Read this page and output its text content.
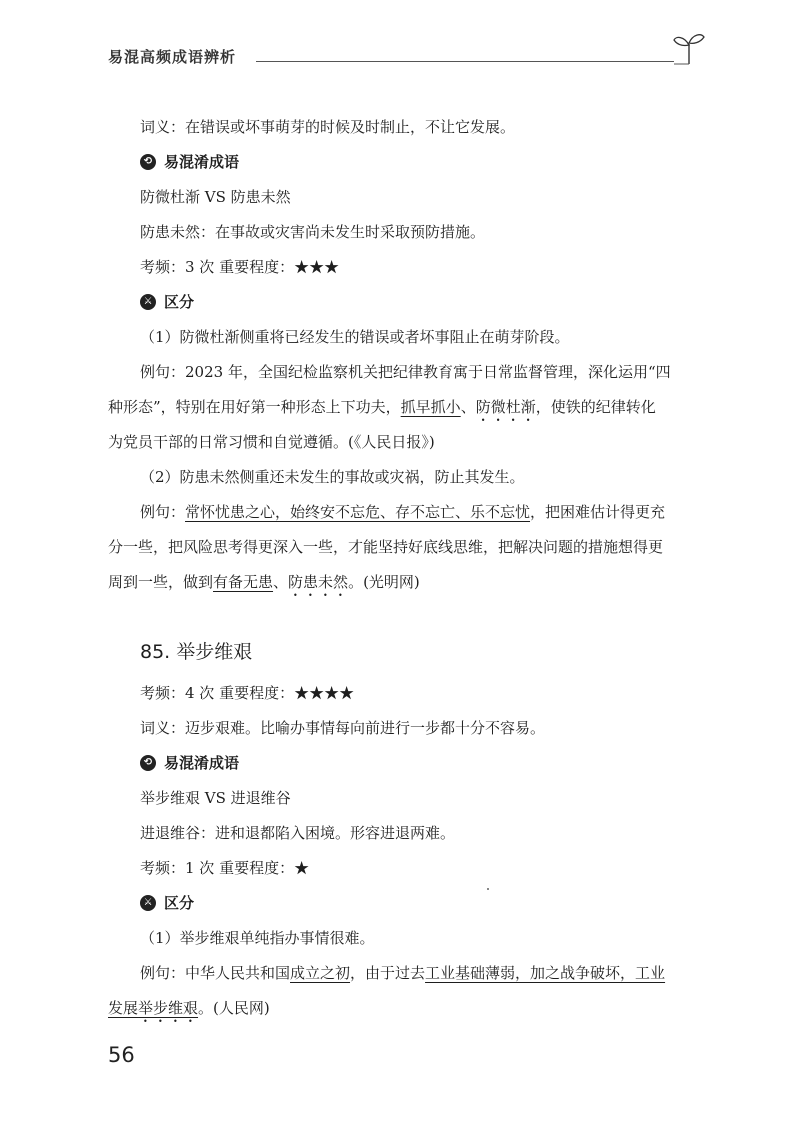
易混高频成语辨析
词义：在错误或坏事萌芽的时候及时制止，不让它发展。
⟲ 易混淆成语
防微杜渐 VS 防患未然
防患未然：在事故或灾害尚未发生时采取预防措施。
考频：3 次 重要程度：★★★
⚔ 区分
（1）防微杜渐侧重将已经发生的错误或者坏事阻止在萌芽阶段。
例句：2023 年，全国纪检监察机关把纪律教育寓于日常监督管理，深化运用“四
种形态”，特别在用好第一种形态上下功夫，抓早抓小、防微杜渐，使铁的纪律转化
为党员干部的日常习惯和自觉遵循。(《人民日报》)
（2）防患未然侧重还未发生的事故或灾祸，防止其发生。
例句：常怀忧患之心，始终安不忘危、存不忘亡、乐不忘忧，把困难估计得更充
分一些，把风险思考得更深入一些，才能坚持好底线思维，把解决问题的措施想得更
周到一些，做到有备无患、防患未然。(光明网)
85. 举步维艰
考频：4 次 重要程度：★★★★
词义：迈步艰难。比喻办事情每向前进行一步都十分不容易。
⟲ 易混淆成语
举步维艰 VS 进退维谷
进退维谷：进和退都陷入困境。形容进退两难。
考频：1 次 重要程度：★
⚔ 区分
（1）举步维艰单纯指办事情很难。
例句：中华人民共和国成立之初，由于过去工业基础薄弱，加之战争破坏，工业
发展举步维艰。(人民网)
56
